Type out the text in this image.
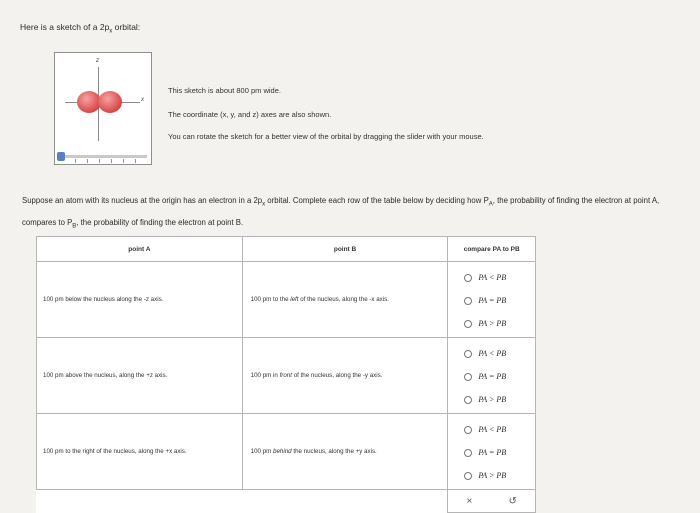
Here is a sketch of a $2p_x$ orbital:
z
x
This sketch is about 800 pm wide.
The coordinate (x, y, and z) axes are also shown.
You can rotate the sketch for a better view of the orbital by dragging the slider with your mouse.
Suppose an atom with its nucleus at the origin has an electron in a $2p_x$ orbital. Complete each row of the table below by deciding how $P_A$, the probability of finding the electron at point A, compares to $P_B$, the probability of finding the electron at point B.
point A	point B	compare PA to PB
100 pm below the nucleus along the -z axis.	100 pm to the left of the nucleus, along the -x axis.	PA < PB
PA = PB
PA > PB

100 pm above the nucleus, along the +z axis.	100 pm in front of the nucleus, along the -y axis.	PA < PB
PA = PB
PA > PB

100 pm to the right of the nucleus, along the +x axis.	100 pm behind the nucleus, along the +y axis.	PA < PB
PA = PB
PA > PB

		× ↺
